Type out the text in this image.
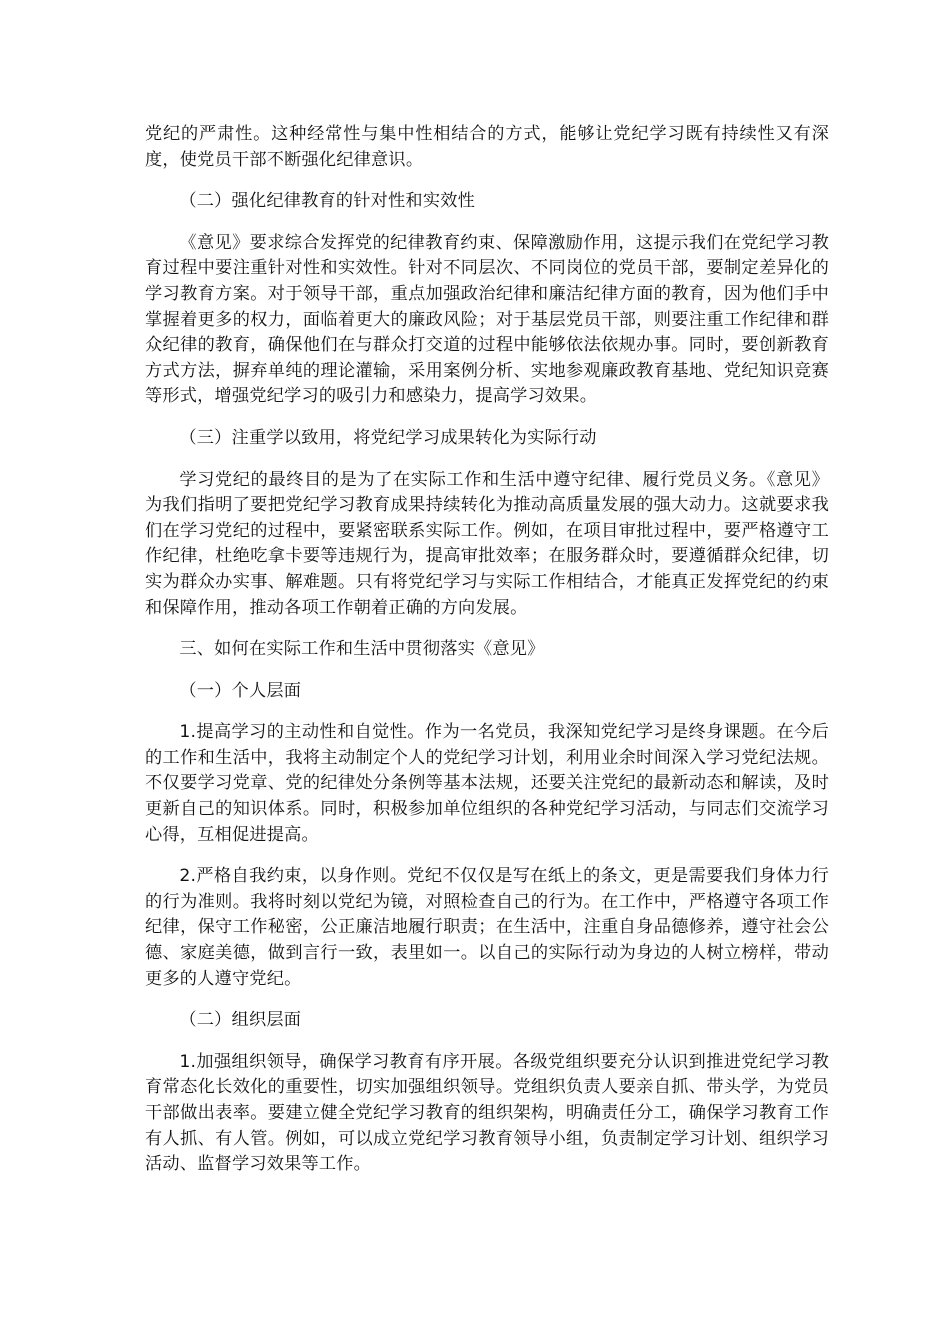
党纪的严肃性。这种经常性与集中性相结合的方式，能够让党纪学习既有持续性又有深度，使党员干部不断强化纪律意识。

（二）强化纪律教育的针对性和实效性

《意见》要求综合发挥党的纪律教育约束、保障激励作用，这提示我们在党纪学习教育过程中要注重针对性和实效性。针对不同层次、不同岗位的党员干部，要制定差异化的学习教育方案。对于领导干部，重点加强政治纪律和廉洁纪律方面的教育，因为他们手中掌握着更多的权力，面临着更大的廉政风险；对于基层党员干部，则要注重工作纪律和群众纪律的教育，确保他们在与群众打交道的过程中能够依法依规办事。同时，要创新教育方式方法，摒弃单纯的理论灌输，采用案例分析、实地参观廉政教育基地、党纪知识竞赛等形式，增强党纪学习的吸引力和感染力，提高学习效果。

（三）注重学以致用，将党纪学习成果转化为实际行动

学习党纪的最终目的是为了在实际工作和生活中遵守纪律、履行党员义务。《意见》为我们指明了要把党纪学习教育成果持续转化为推动高质量发展的强大动力。这就要求我们在学习党纪的过程中，要紧密联系实际工作。例如，在项目审批过程中，要严格遵守工作纪律，杜绝吃拿卡要等违规行为，提高审批效率；在服务群众时，要遵循群众纪律，切实为群众办实事、解难题。只有将党纪学习与实际工作相结合，才能真正发挥党纪的约束和保障作用，推动各项工作朝着正确的方向发展。

三、如何在实际工作和生活中贯彻落实《意见》

（一）个人层面

1.提高学习的主动性和自觉性。作为一名党员，我深知党纪学习是终身课题。在今后的工作和生活中，我将主动制定个人的党纪学习计划，利用业余时间深入学习党纪法规。不仅要学习党章、党的纪律处分条例等基本法规，还要关注党纪的最新动态和解读，及时更新自己的知识体系。同时，积极参加单位组织的各种党纪学习活动，与同志们交流学习心得，互相促进提高。

2.严格自我约束，以身作则。党纪不仅仅是写在纸上的条文，更是需要我们身体力行的行为准则。我将时刻以党纪为镜，对照检查自己的行为。在工作中，严格遵守各项工作纪律，保守工作秘密，公正廉洁地履行职责；在生活中，注重自身品德修养，遵守社会公德、家庭美德，做到言行一致，表里如一。以自己的实际行动为身边的人树立榜样，带动更多的人遵守党纪。

（二）组织层面

1.加强组织领导，确保学习教育有序开展。各级党组织要充分认识到推进党纪学习教育常态化长效化的重要性，切实加强组织领导。党组织负责人要亲自抓、带头学，为党员干部做出表率。要建立健全党纪学习教育的组织架构，明确责任分工，确保学习教育工作有人抓、有人管。例如，可以成立党纪学习教育领导小组，负责制定学习计划、组织学习活动、监督学习效果等工作。
